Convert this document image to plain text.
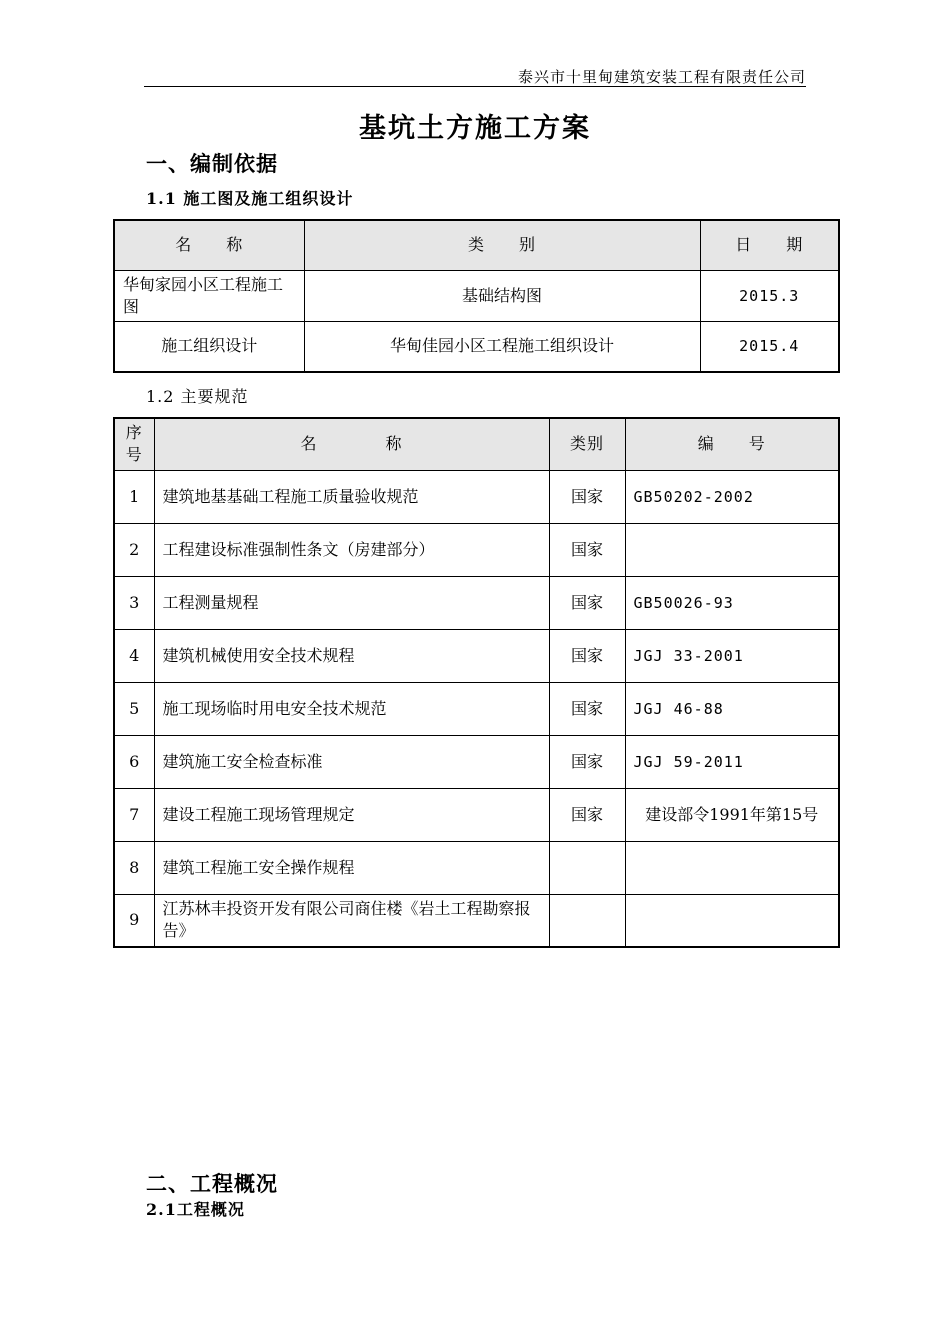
泰兴市十里甸建筑安装工程有限责任公司
基坑土方施工方案
一、编制依据
1.1 施工图及施工组织设计
名　　称	类　　别	日　　期
华甸家园小区工程施工图	基础结构图	2015.3
施工组织设计	华甸佳园小区工程施工组织设计	2015.4
1.2 主要规范
序号	名　　　　称	类别	编　　号
1	建筑地基基础工程施工质量验收规范	国家	GB50202-2002
2	工程建设标准强制性条文（房建部分）	国家	
3	工程测量规程	国家	GB50026-93
4	建筑机械使用安全技术规程	国家	JGJ 33-2001
5	施工现场临时用电安全技术规范	国家	JGJ 46-88
6	建筑施工安全检查标准	国家	JGJ 59-2011
7	建设工程施工现场管理规定	国家	建设部令1991年第15号
8	建筑工程施工安全操作规程		
9	江苏林丰投资开发有限公司商住楼《岩土工程勘察报告》		
二、工程概况
2.1工程概况
